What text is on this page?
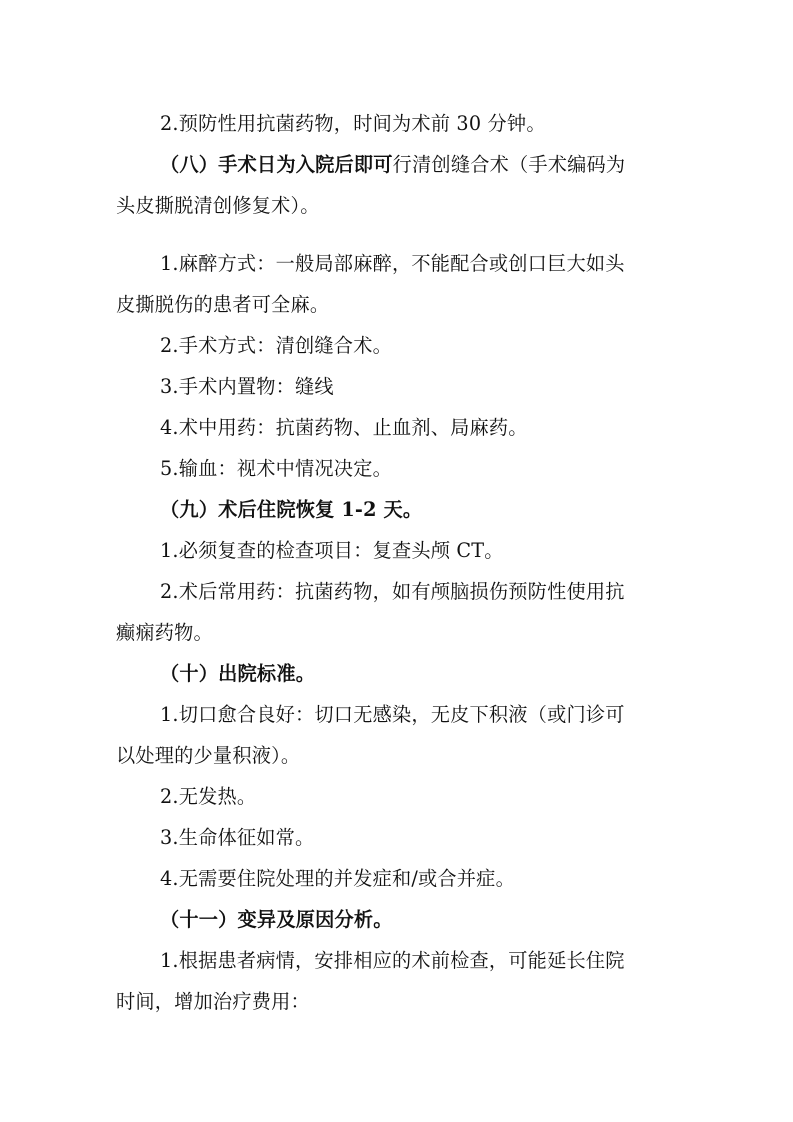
2.预防性用抗菌药物，时间为术前 30 分钟。
（八）手术日为入院后即可行清创缝合术（手术编码为
头皮撕脱清创修复术）。
1.麻醉方式：一般局部麻醉，不能配合或创口巨大如头
皮撕脱伤的患者可全麻。
2.手术方式：清创缝合术。
3.手术内置物：缝线
4.术中用药：抗菌药物、止血剂、局麻药。
5.输血：视术中情况决定。
（九）术后住院恢复 1-2 天。
1.必须复查的检查项目：复查头颅 CT。
2.术后常用药：抗菌药物，如有颅脑损伤预防性使用抗
癫痫药物。
（十）出院标准。
1.切口愈合良好：切口无感染，无皮下积液（或门诊可
以处理的少量积液）。
2.无发热。
3.生命体征如常。
4.无需要住院处理的并发症和/或合并症。
（十一）变异及原因分析。
1.根据患者病情，安排相应的术前检查，可能延长住院
时间，增加治疗费用：
